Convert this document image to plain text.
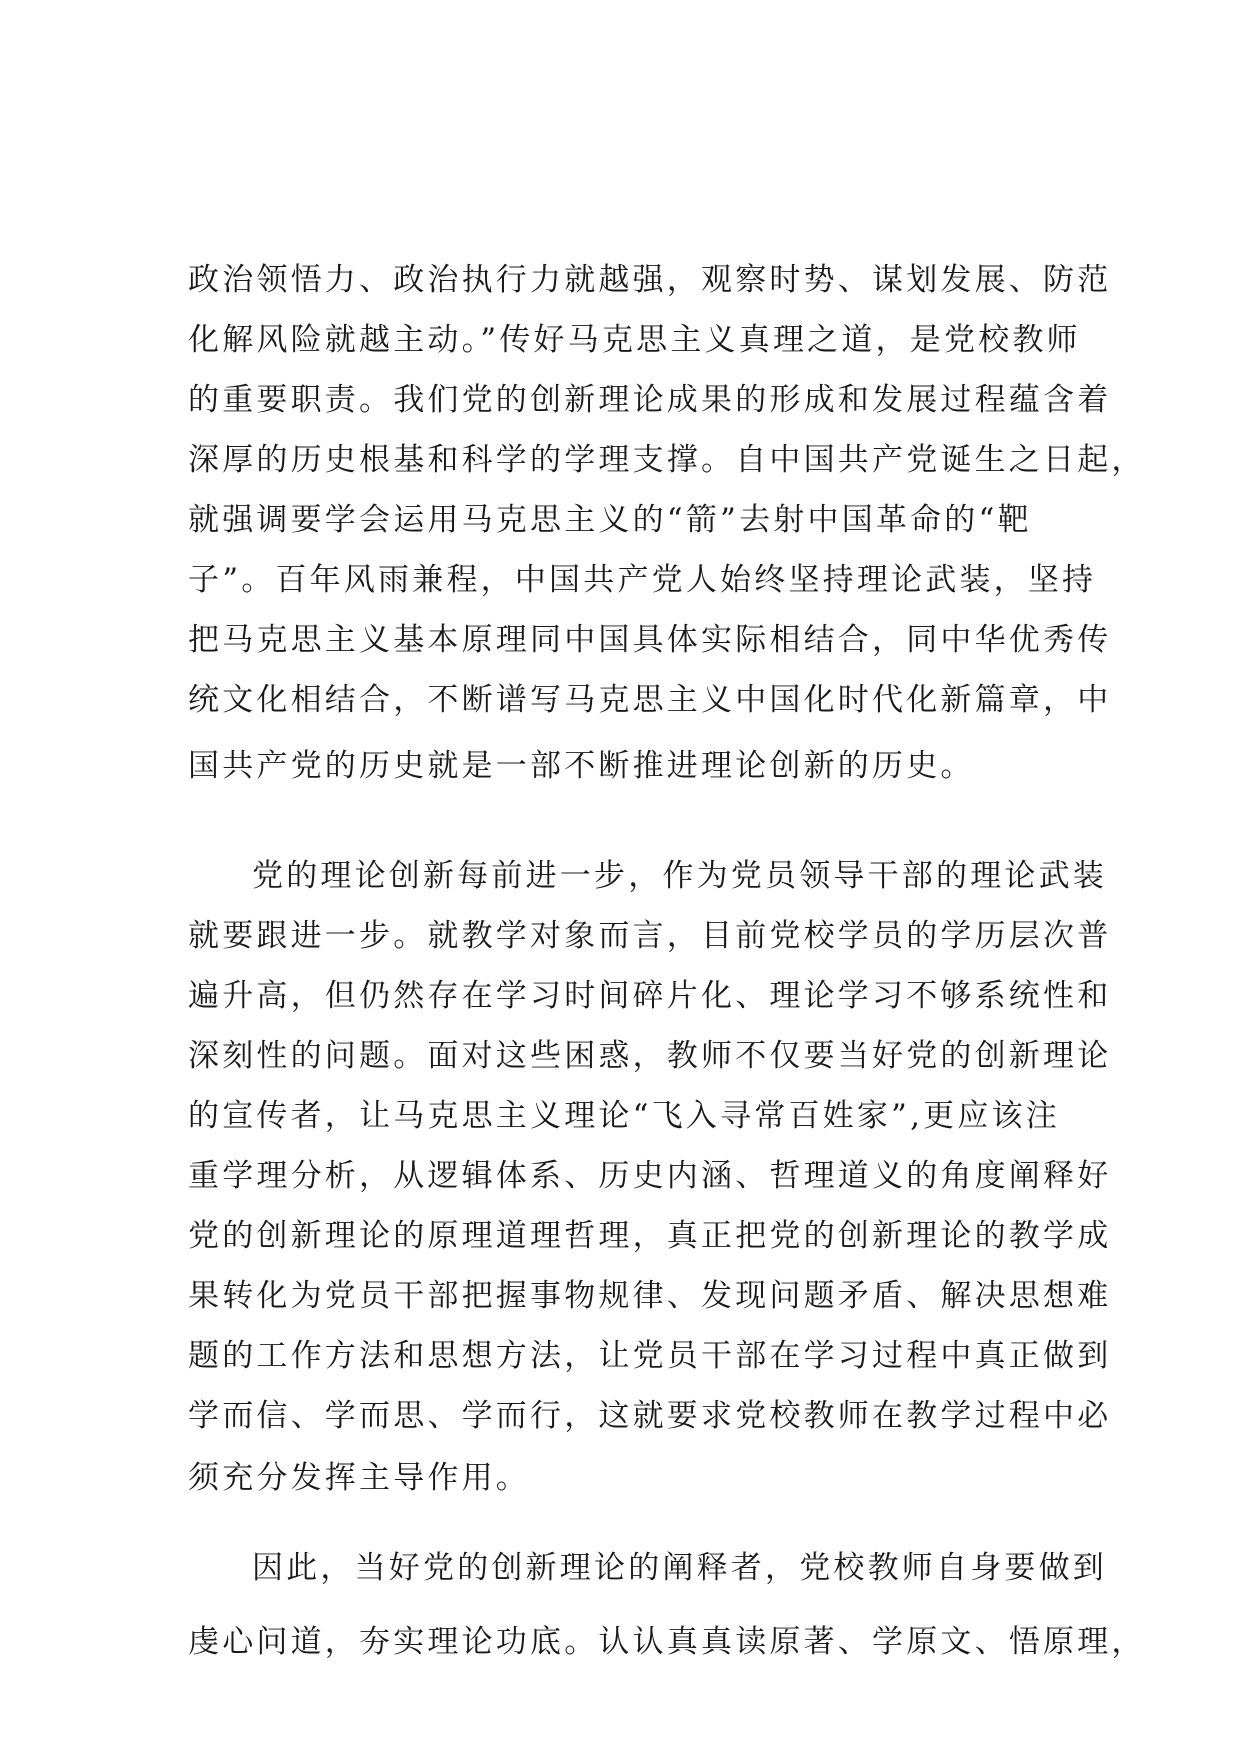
政治领悟力、政治执行力就越强，观察时势、谋划发展、防范
化解风险就越主动。”传好马克思主义真理之道，是党校教师
的重要职责。我们党的创新理论成果的形成和发展过程蕴含着
深厚的历史根基和科学的学理支撑。自中国共产党诞生之日起，
就强调要学会运用马克思主义的“箭”去射中国革命的“靶
子”。百年风雨兼程，中国共产党人始终坚持理论武装，坚持
把马克思主义基本原理同中国具体实际相结合，同中华优秀传
统文化相结合，不断谱写马克思主义中国化时代化新篇章，中
国共产党的历史就是一部不断推进理论创新的历史。
党的理论创新每前进一步，作为党员领导干部的理论武装
就要跟进一步。就教学对象而言，目前党校学员的学历层次普
遍升高，但仍然存在学习时间碎片化、理论学习不够系统性和
深刻性的问题。面对这些困惑，教师不仅要当好党的创新理论
的宣传者，让马克思主义理论“飞入寻常百姓家”,更应该注
重学理分析，从逻辑体系、历史内涵、哲理道义的角度阐释好
党的创新理论的原理道理哲理，真正把党的创新理论的教学成
果转化为党员干部把握事物规律、发现问题矛盾、解决思想难
题的工作方法和思想方法，让党员干部在学习过程中真正做到
学而信、学而思、学而行，这就要求党校教师在教学过程中必
须充分发挥主导作用。
因此，当好党的创新理论的阐释者，党校教师自身要做到
虔心问道，夯实理论功底。认认真真读原著、学原文、悟原理，
